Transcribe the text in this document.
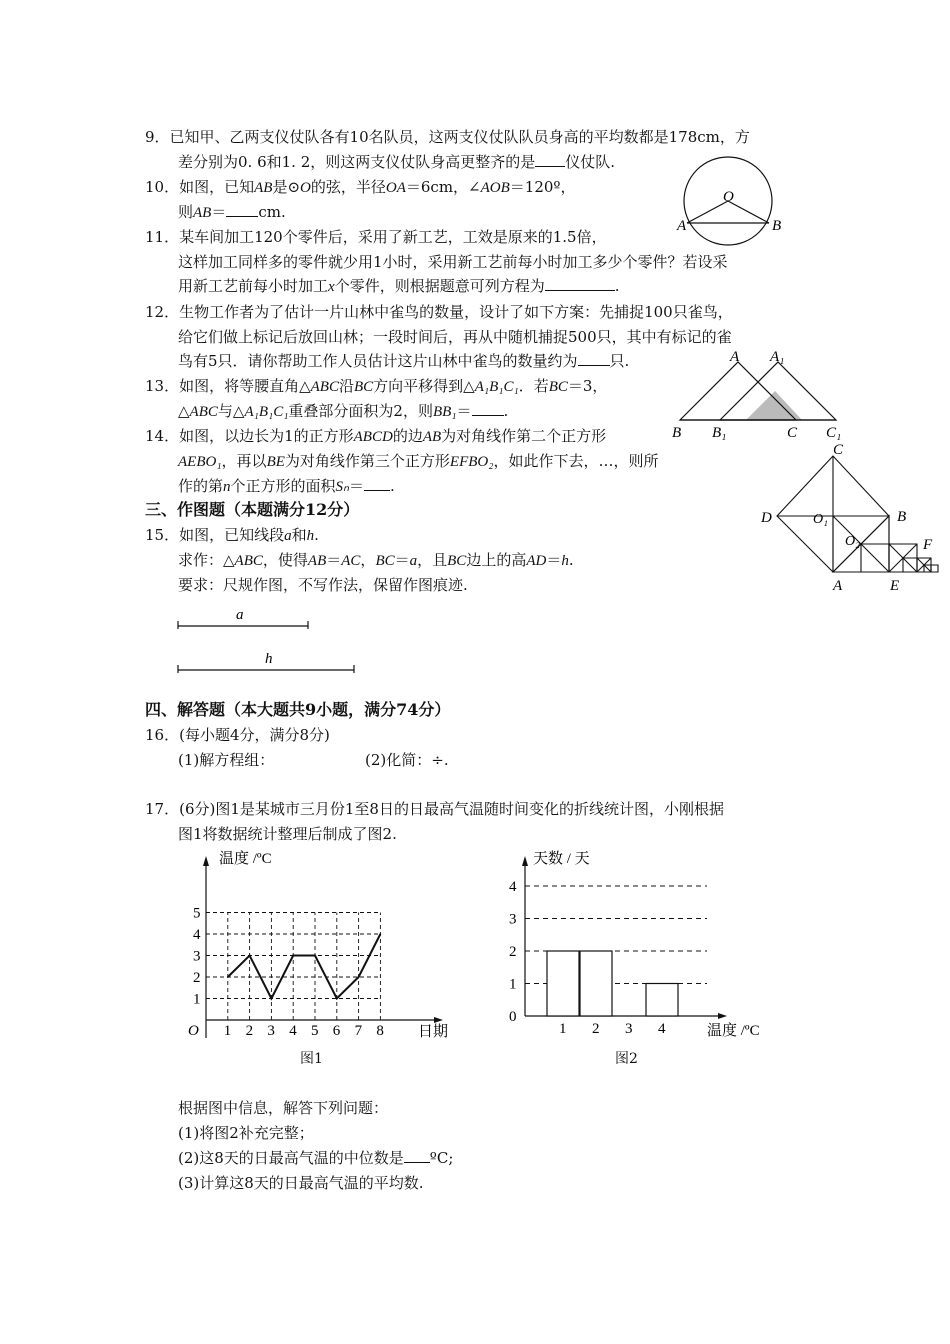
9．已知甲、乙两支仪仗队各有10名队员，这两支仪仗队队员身高的平均数都是178cm，方
差分别为0. 6和1. 2，则这两支仪仗队身高更整齐的是 仪仗队.
10．如图，已知AB是⊙O的弦，半径OA＝6cm，∠AOB＝120º，
则AB＝ cm.
O
A	B
11．某车间加工120个零件后，采用了新工艺，工效是原来的1.5倍，
这样加工同样多的零件就少用1小时，采用新工艺前每小时加工多少个零件？若设采
用新工艺前每小时加工x个零件，则根据题意可列方程为	.
12．生物工作者为了估计一片山林中雀鸟的数量，设计了如下方案：先捕捉100只雀鸟，
给它们做上标记后放回山林；一段时间后，再从中随机捕捉500只，其中有标记的雀
鸟有5只．请你帮助工作人员估计这片山林中雀鸟的数量约为 只.	A A₁
B B₁	C C₁
13．如图，将等腰直角△ABC沿BC方向平移得到△A₁B₁C₁．若BC＝3，
△ABC与△A₁B₁C₁重叠部分面积为2，则BB₁＝ .
14．如图，以边长为1的正方形ABCD的边AB为对角线作第二个正方形
AEBO₁，再以BE为对角线作第三个正方形EFBO₂，如此作下去，…，则所
作的第n个正方形的面积Sₙ＝ .
C
D	O₁	B
O₂	F
A	E
三、作图题（本题满分12分）
15．如图，已知线段a和h.
求作：△ABC，使得AB＝AC，BC＝a，且BC边上的高AD＝h.
要求：尺规作图，不写作法，保留作图痕迹.
a
h
四、解答题（本大题共9小题，满分74分）
16．(每小题4分，满分8分)
(1)解方程组：	(2)化简：÷.
17．(6分)图1是某城市三月份1至8日的日最高气温随时间变化的折线统计图，小刚根据
图1将数据统计整理后制成了图2.
1 2 3 4 5 6 7 8
1
2
3
4
5
O	日期
温度 /ºC
图1
0
1
2
3
4
1 2 3 4	温度 /ºC
天数 / 天
图2
根据图中信息，解答下列问题：
(1)将图2补充完整；
(2)这8天的日最高气温的中位数是 ºC;
(3)计算这8天的日最高气温的平均数.
